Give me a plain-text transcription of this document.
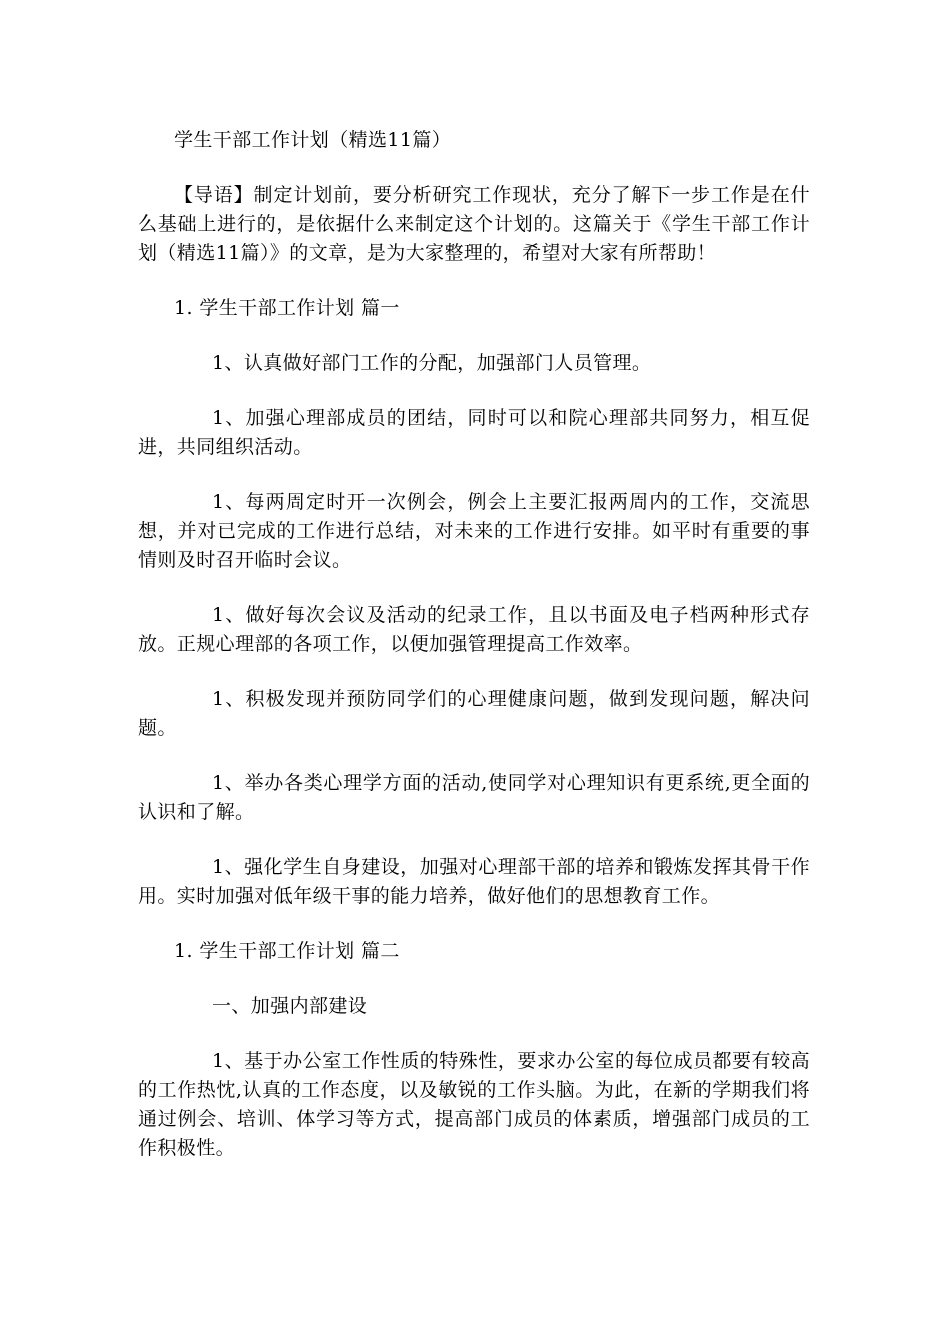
学生干部工作计划（精选11篇）

【导语】制定计划前，要分析研究工作现状，充分了解下一步工作是在什么基础上进行的，是依据什么来制定这个计划的。这篇关于《学生干部工作计划（精选11篇）》的文章，是为大家整理的，希望对大家有所帮助！

1. 学生干部工作计划 篇一

1、认真做好部门工作的分配，加强部门人员管理。

1、加强心理部成员的团结，同时可以和院心理部共同努力，相互促进，共同组织活动。

1、每两周定时开一次例会，例会上主要汇报两周内的工作，交流思想，并对已完成的工作进行总结，对未来的工作进行安排。如平时有重要的事情则及时召开临时会议。

1、做好每次会议及活动的纪录工作，且以书面及电子档两种形式存放。正规心理部的各项工作，以便加强管理提高工作效率。

1、积极发现并预防同学们的心理健康问题，做到发现问题，解决问题。

1、举办各类心理学方面的活动,使同学对心理知识有更系统,更全面的认识和了解。

1、强化学生自身建设，加强对心理部干部的培养和锻炼发挥其骨干作用。实时加强对低年级干事的能力培养，做好他们的思想教育工作。

1. 学生干部工作计划 篇二

一、加强内部建设

1、基于办公室工作性质的特殊性，要求办公室的每位成员都要有较高的工作热忱,认真的工作态度，以及敏锐的工作头脑。为此，在新的学期我们将通过例会、培训、体学习等方式，提高部门成员的体素质，增强部门成员的工作积极性。
